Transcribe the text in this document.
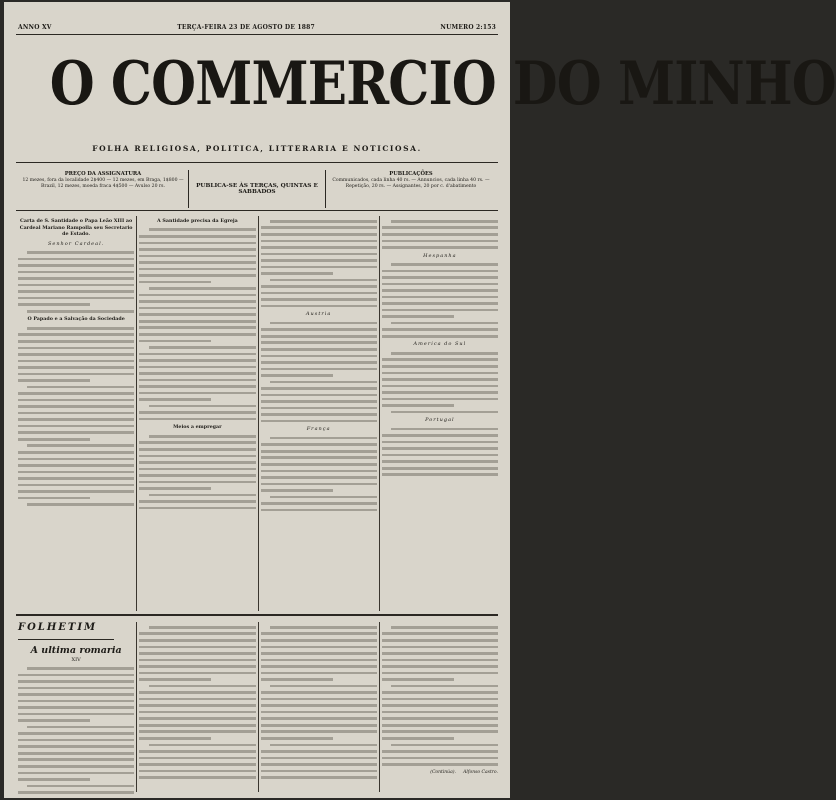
ANNO XV	TERÇA-FEIRA 23 DE AGOSTO DE 1887	NUMERO 2:153
O COMMERCIO DO MINHO
FOLHA RELIGIOSA, POLITICA, LITTERARIA E NOTICIOSA.
PREÇO DA ASSIGNATURA
12 mezes, fora da localidade 2$400 — 12 mezes, em Braga, 1$800 — Brazil, 12 mezes, moeda fraca 4$500 — Avulso 20 rs.	PUBLICA-SE ÀS TERÇAS, QUINTAS E SABBADOS
PUBLICAÇÕES
Communicados, cada linha 40 rs. — Annuncios, cada linha 40 rs. — Repetição, 20 rs. — Assignantes, 20 por c. d'abatimento
Carta de S. Santidade o Papa Leão XIII ao Cardeal Mariano Rampolla seu Secretario de Estado.
Senhor Cardeal.
O Papado e a Salvação da Sociedade
A Santidade precisa da Egreja
Meios a empregar
Austria
França
Hespanha
America do Sul
Portugal
FOLHETIM
A ultima romaria
XIV
(Continúa). Alfonso Castro.
